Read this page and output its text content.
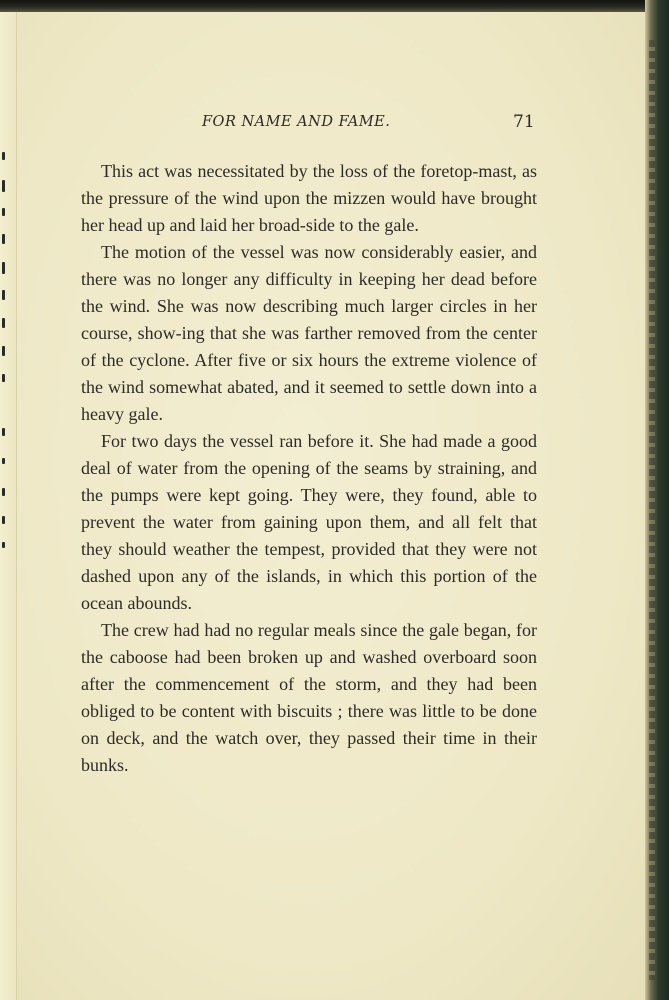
FOR NAME AND FAME.	71

This act was necessitated by the loss of the foretop-mast, as the pressure of the wind upon the mizzen would have brought her head up and laid her broad-side to the gale.

The motion of the vessel was now considerably easier, and there was no longer any difficulty in keeping her dead before the wind. She was now describing much larger circles in her course, show-ing that she was farther removed from the center of the cyclone. After five or six hours the extreme violence of the wind somewhat abated, and it seemed to settle down into a heavy gale.

For two days the vessel ran before it. She had made a good deal of water from the opening of the seams by straining, and the pumps were kept going. They were, they found, able to prevent the water from gaining upon them, and all felt that they should weather the tempest, provided that they were not dashed upon any of the islands, in which this portion of the ocean abounds.

The crew had had no regular meals since the gale began, for the caboose had been broken up and washed overboard soon after the commencement of the storm, and they had been obliged to be content with biscuits ; there was little to be done on deck, and the watch over, they passed their time in their bunks.
